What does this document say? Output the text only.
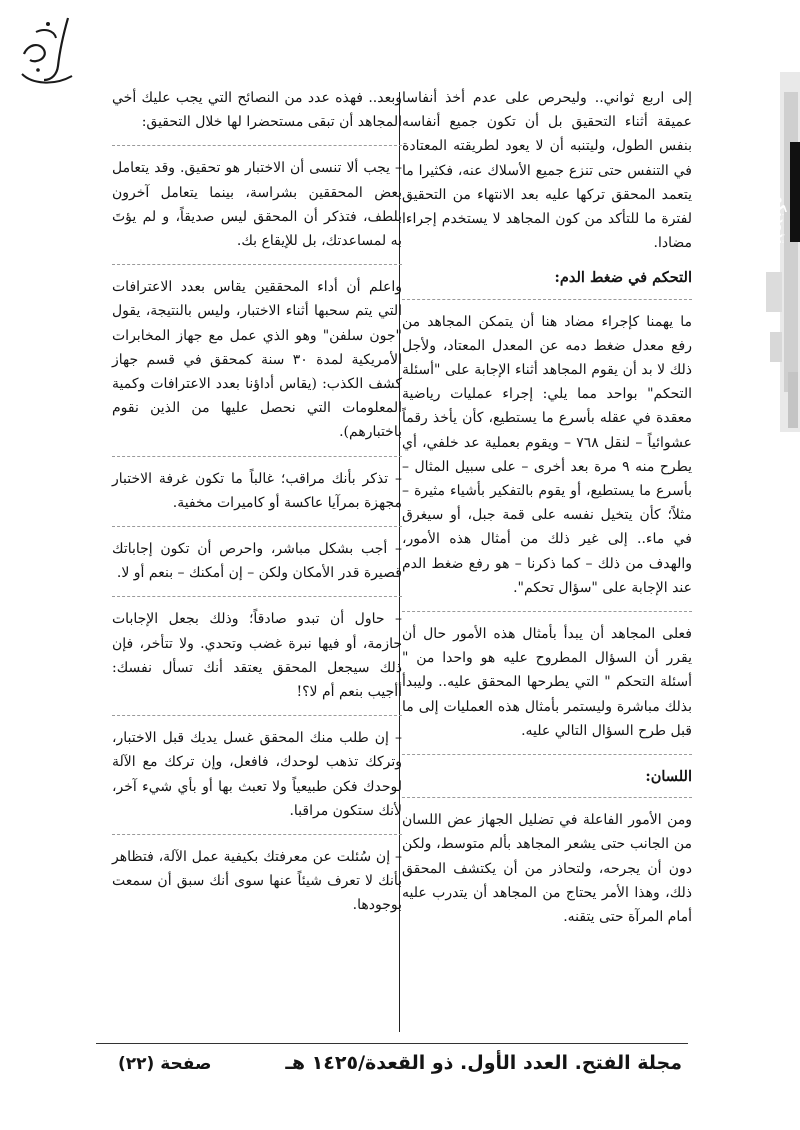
تذودنكم

إلى اربع ثواني.. وليحرص على عدم أخذ أنفاسا عميقة أثناء التحقيق بل أن تكون جميع أنفاسه بنفس الطول، وليتنبه أن لا يعود لطريقته المعتادة في التنفس حتى تنزع جميع الأسلاك عنه، فكثيرا ما يتعمد المحقق تركها عليه بعد الانتهاء من التحقيق لفترة ما للتأكد من كون المجاهد لا يستخدم إجراءا مضادا.

التحكم في ضغط الدم:

ما يهمنا كإجراء مضاد هنا أن يتمكن المجاهد من رفع معدل ضغط دمه عن المعدل المعتاد، ولأجل ذلك لا بد أن يقوم المجاهد أثناء الإجابة على "أسئلة التحكم" بواحد مما يلي: إجراء عمليات رياضية معقدة في عقله بأسرع ما يستطيع، كأن يأخذ رقماً عشوائياً – لنقل ٧٦٨ – ويقوم بعملية عد خلفي، أي يطرح منه ٩ مرة بعد أخرى – على سبيل المثال – بأسرع ما يستطيع، أو يقوم بالتفكير بأشياء مثيرة – مثلاً؛ كأن يتخيل نفسه على قمة جبل، أو سيغرق في ماء.. إلى غير ذلك من أمثال هذه الأمور، والهدف من ذلك – كما ذكرنا – هو رفع ضغط الدم عند الإجابة على "سؤال تحكم".

فعلى المجاهد أن يبدأ بأمثال هذه الأمور حال أن يقرر أن السؤال المطروح عليه هو واحدا من " أسئلة التحكم " التي يطرحها المحقق عليه.. وليبدأ بذلك مباشرة وليستمر بأمثال هذه العمليات إلى ما قبل طرح السؤال التالي عليه.

اللسان:

ومن الأمور الفاعلة في تضليل الجهاز عض اللسان من الجانب حتى يشعر المجاهد بألم متوسط، ولكن دون أن يجرحه، ولتحاذر من أن يكتشف المحقق ذلك، وهذا الأمر يحتاج من المجاهد أن يتدرب عليه أمام المرآة حتى يتقنه.

وبعد.. فهذه عدد من النصائح التي يجب عليك أخي المجاهد أن تبقى مستحضرا لها خلال التحقيق:

– يجب ألا تنسى أن الاختبار هو تحقيق. وقد يتعامل بعض المحققين بشراسة، بينما يتعامل آخرون بلطف، فتذكر أن المحقق ليس صديقاً، و لم يؤتَ به لمساعدتك، بل للإيقاع بك.

واعلم أن أداء المحققين يقاس بعدد الاعترافات التي يتم سحبها أثناء الاختبار، وليس بالنتيجة، يقول "جون سلفن" وهو الذي عمل مع جهاز المخابرات الأمريكية لمدة ٣٠ سنة كمحقق في قسم جهاز كشف الكذب: (يقاس أداؤنا بعدد الاعترافات وكمية المعلومات التي نحصل عليها من الذين نقوم باختبارهم).

– تذكر بأنك مراقب؛ غالباً ما تكون غرفة الاختبار مجهزة بمرآيا عاكسة أو كاميرات مخفية.

– أجب بشكل مباشر، واحرص أن تكون إجاباتك قصيرة قدر الأمكان ولكن – إن أمكنك – بنعم أو لا.

– حاول أن تبدو صادقاً؛ وذلك بجعل الإجابات حازمة، أو فيها نبرة غضب وتحدي. ولا تتأخر، فإن ذلك سيجعل المحقق يعتقد أنك تسأل نفسك: أأجيب بنعم أم لا؟!

– إن طلب منك المحقق غسل يديك قبل الاختبار، وتركك تذهب لوحدك، فافعل، وإن تركك مع الآلة لوحدك فكن طبيعياً ولا تعبث بها أو بأي شيء آخر، لأنك ستكون مراقبا.

– إن سُئلت عن معرفتك بكيفية عمل الآلة، فتظاهر بأنك لا تعرف شيئاً عنها سوى أنك سبق أن سمعت بوجودها.

مجلة الفتح. العدد الأول. ذو القعدة/١٤٢٥ هـ
صفحة (٢٢)
